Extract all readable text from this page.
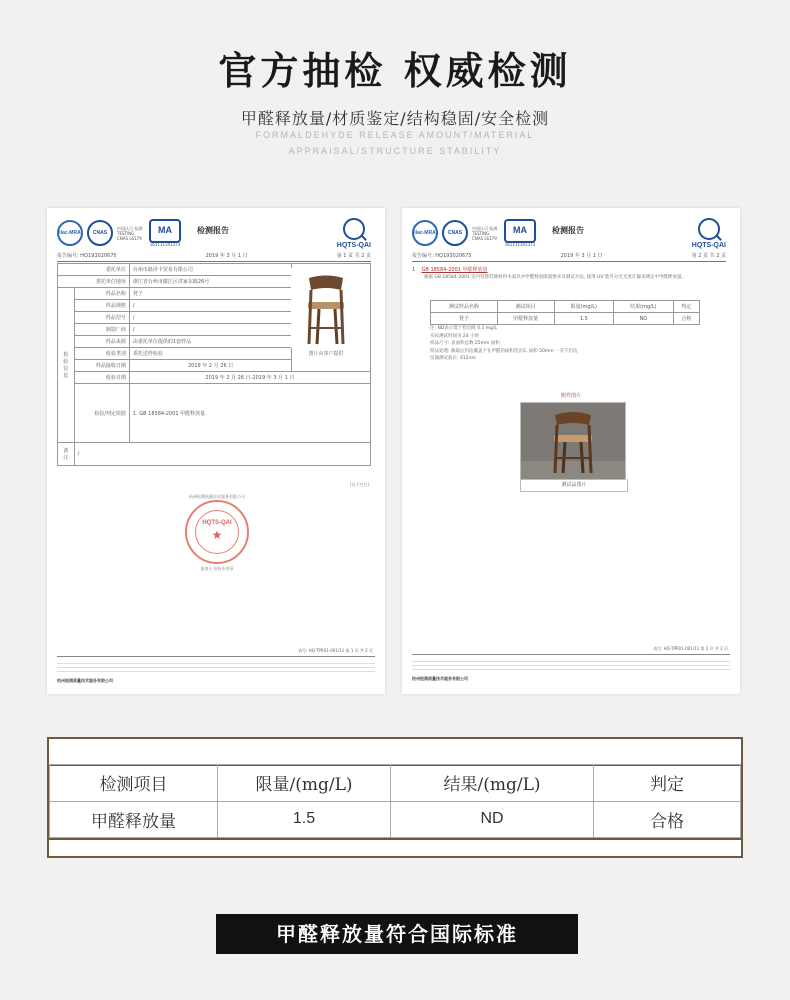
官方抽检 权威检测
甲醛释放量/材质鉴定/结构稳固/安全检测
FORMALDEHYDE RELEASE AMOUNT/MATERIAL
APPRAISAL/STRUCTURE STABILITY
ilac-MRA	CNAS
中国认可 检测 TESTING CNAS L6179
MA
161111341373
检测报告
HQTS-QAI
报告编号: HQ193020675	2019 年 3 月 1 日	第 1 页 共 2 页
委托单位		台州市路泽卡贸易有限公司	
委托单位地址		浙江省台州市椒江区洪家东路26号	
检验信息	样品名称	凳子	
	样品规格	/	
	样品型号	/	
	制造厂商	/	
	样品来源	由委托单位提供的1套样品	
	检验类别	委托送样检验	
	样品接收日期	2019 年 2 月 26 日	
	检验日期	2019 年 2 月 26 日-2019 年 3 月 1 日	
	检验/判定依据	1. GB 18584-2001 甲醛释放量	
备注	/		
(以下空白)
图片由客户提供
杭州检测质量技术服务有限公司
HQTS-QAI
★
批准人 检验专用章
表号: HQ-TPR01-001/11 第 1 页 共 2 页
杭州检测质量技术服务有限公司
ilac-MRA	CNAS
中国认可 检测 TESTING CNAS L6179
MA
161111341373
检测报告
HQTS-QAI
报告编号: HQ193020675	2019 年 3 月 1 日	第 2 页 共 2 页
1 GB 18584-2001 甲醛释放量
根据 GB 18584-2001 室内装饰装修材料木家具中甲醛释放限量要求及测试方法, 使用 UV 紫外分光光度计器来测定中甲醛释放量。
测试样品名称	测试项目	限量(mg/L)	结果(mg/L)	判定
凳子	甲醛释放量	1.5	ND	合格
注: ND表示低于检出限 0.1 mg/L
实际测试时间为 24 小时
样品尺寸: 表面积总数 25mm 面积
样品处理: 截取后封边覆盖不在甲醛的面积选出5, 面积 50mm 一差不封边
仪器测试波长: 412nm
附件图片
测试品图片
表号: HQ-TPR01-001/11 第 2 页 共 2 页
杭州检测质量技术服务有限公司
检测项目	限量/(mg/L)	结果/(mg/L)	判定
甲醛释放量	1.5	ND	合格
甲醛释放量符合国际标准
